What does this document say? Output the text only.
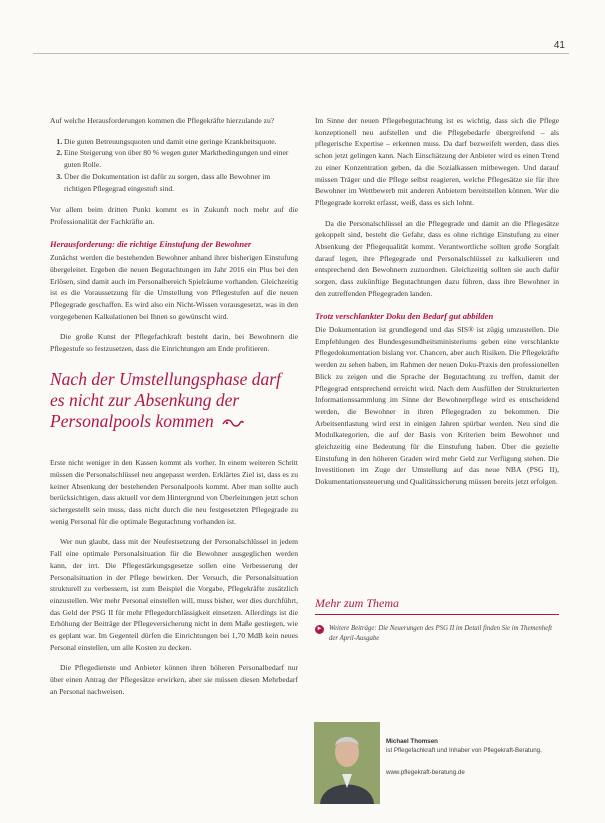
41

Auf welche Herausforderungen kommen die Pflegekräfte hierzulande zu?

1. Die guten Betreuungsquoten und damit eine geringe Krankheitsquote.
2. Eine Steigerung von über 80 % wegen guter Marktbedingungen und einer guten Rolle.
3. Über die Dokumentation ist dafür zu sorgen, dass alle Bewohner im richtigen Pflegegrad eingestuft sind.

Vor allem beim dritten Punkt kommt es in Zukunft noch mehr auf die Professionalität der Fachkräfte an.

Herausforderung: die richtige Einstufung der Bewohner

Zunächst werden die bestehenden Bewohner anhand ihrer bisherigen Einstufung übergeleitet. Ergeben die neuen Begutachtungen im Jahr 2016 ein Plus bei den Erlösen, sind damit auch im Personalbereich Spielräume vorhanden. Gleichzeitig ist es die Voraussetzung für die Umstellung von Pflegestufen auf die neuen Pflegegrade geschaffen. Es wird also ein Nicht-Wissen vorausgesetzt, was in den vorgegebenen Kalkulationen bei Ihnen so gewünscht wird.

Die große Kunst der Pflegefachkraft besteht darin, bei Bewohnern die Pflegestufe so festzusetzen, dass die Einrichtungen am Ende profitieren.

Nach der Umstellungsphase darf es nicht zur Absenkung der Personalpools kommen

Erste nicht weniger in den Kassen kommt als vorher. In einem weiteren Schritt müssen die Personalschlüssel neu angepasst werden. Erklärtes Ziel ist, dass es zu keiner Absenkung der bestehenden Personalpools kommt. Aber man sollte auch berücksichtigen, dass aktuell vor dem Hintergrund von Überleitungen jetzt schon sichergestellt sein muss, dass nicht durch die neu festgesetzten Pflegegrade zu wenig Personal für die optimale Begutachtung vorhanden ist.

Wer nun glaubt, dass mit der Neufestsetzung der Personalschlüssel in jedem Fall eine optimale Personalsituation für die Bewohner ausgeglichen werden kann, der irrt. Die Pflegestärkungsgesetze sollen eine Verbesserung der Personalsituation in der Pflege bewirken. Der Versuch, die Personalsituation strukturell zu verbessern, ist zum Beispiel die Vorgabe, Pflegekräfte zusätzlich einzustellen. Wer mehr Personal einstellen will, muss bisher, wer dies durchführt, das Geld der PSG II für mehr Pflegedurchlässigkeit einsetzen. Allerdings ist die Erhöhung der Beiträge der Pflegeversicherung nicht in dem Maße gestiegen, wie es geplant war. Im Gegenteil dürfen die Einrichtungen bei 1,70 MdB kein neues Personal einstellen, um alle Kosten zu decken.

Die Pflegedienste und Anbieter können ihren höheren Personalbedarf nur über einen Antrag der Pflegesätze erwirken, aber sie müssen diesen Mehrbedarf an Personal nachweisen.

Im Sinne der neuen Pflegebegutachtung ist es wichtig, dass sich die Pflege konzeptionell neu aufstellen und die Pflegebedarfe übergreifend – als pflegerische Expertise – erkennen muss. Da darf bezweifelt werden, dass dies schon jetzt gelingen kann. Nach Einschätzung der Anbieter wird es einen Trend zu einer Konzentration geben, da die Sozialkassen mitbewegen. Und darauf müssen Träger und die Pflege selbst reagieren, welche Pflegesätze sie für ihre Bewohner im Wettbewerb mit anderen Anbietern bereitstellen können. Wer die Pflegegrade korrekt erfasst, weiß, dass es sich lohnt.

Da die Personalschlüssel an die Pflegegrade und damit an die Pflegesätze gekoppelt sind, besteht die Gefahr, dass es ohne richtige Einstufung zu einer Absenkung der Pflegequalität kommt. Verantwortliche sollten große Sorgfalt darauf legen, ihre Pflegegrade und Personalschlüssel zu kalkulieren und entsprechend den Bewohnern zuzuordnen. Gleichzeitig sollten sie auch dafür sorgen, dass zukünftige Begutachtungen dazu führen, dass ihre Bewohner in den zutreffenden Pflegegraden landen.

Trotz verschlankter Doku den Bedarf gut abbilden

Die Dokumentation ist grundlegend und das SIS® ist zügig umzustellen. Die Empfehlungen des Bundesgesundheitsministeriums geben eine verschlankte Pflegedokumentation bislang vor. Chancen, aber auch Risiken. Die Pflegekräfte werden zu sehen haben, im Rahmen der neuen Doku-Praxis den professionellen Blick zu zeigen und die Sprache der Begutachtung zu treffen, damit der Pflegegrad entsprechend erreicht wird. Nach dem Ausfüllen der Strukturierten Informationssammlung im Sinne der Bewohnerpflege wird es entscheidend werden, die Bewohner in ihren Pflegegraden zu bekommen. Die Arbeitsentlastung wird erst in einigen Jahren spürbar werden. Neu sind die Modulkategorien, die auf der Basis von Kriterien beim Bewohner und gleichzeitig eine Bedeutung für die Einstufung haben. Über die gezielte Einstufung in den höheren Graden wird mehr Geld zur Verfügung stehen. Die Investitionen im Zuge der Umstellung auf das neue NBA (PSG II), Dokumentationssteuerung und Qualitätssicherung müssen bereits jetzt erfolgen.

Mehr zum Thema
► Weitere Beiträge: Die Neuerungen des PSG II im Detail finden Sie im Themenheft der April-Ausgabe
Michael Thomsen
ist Pflegefachkraft und Inhaber von Pflegekraft-Beratung.
www.pflegekraft-beratung.de
